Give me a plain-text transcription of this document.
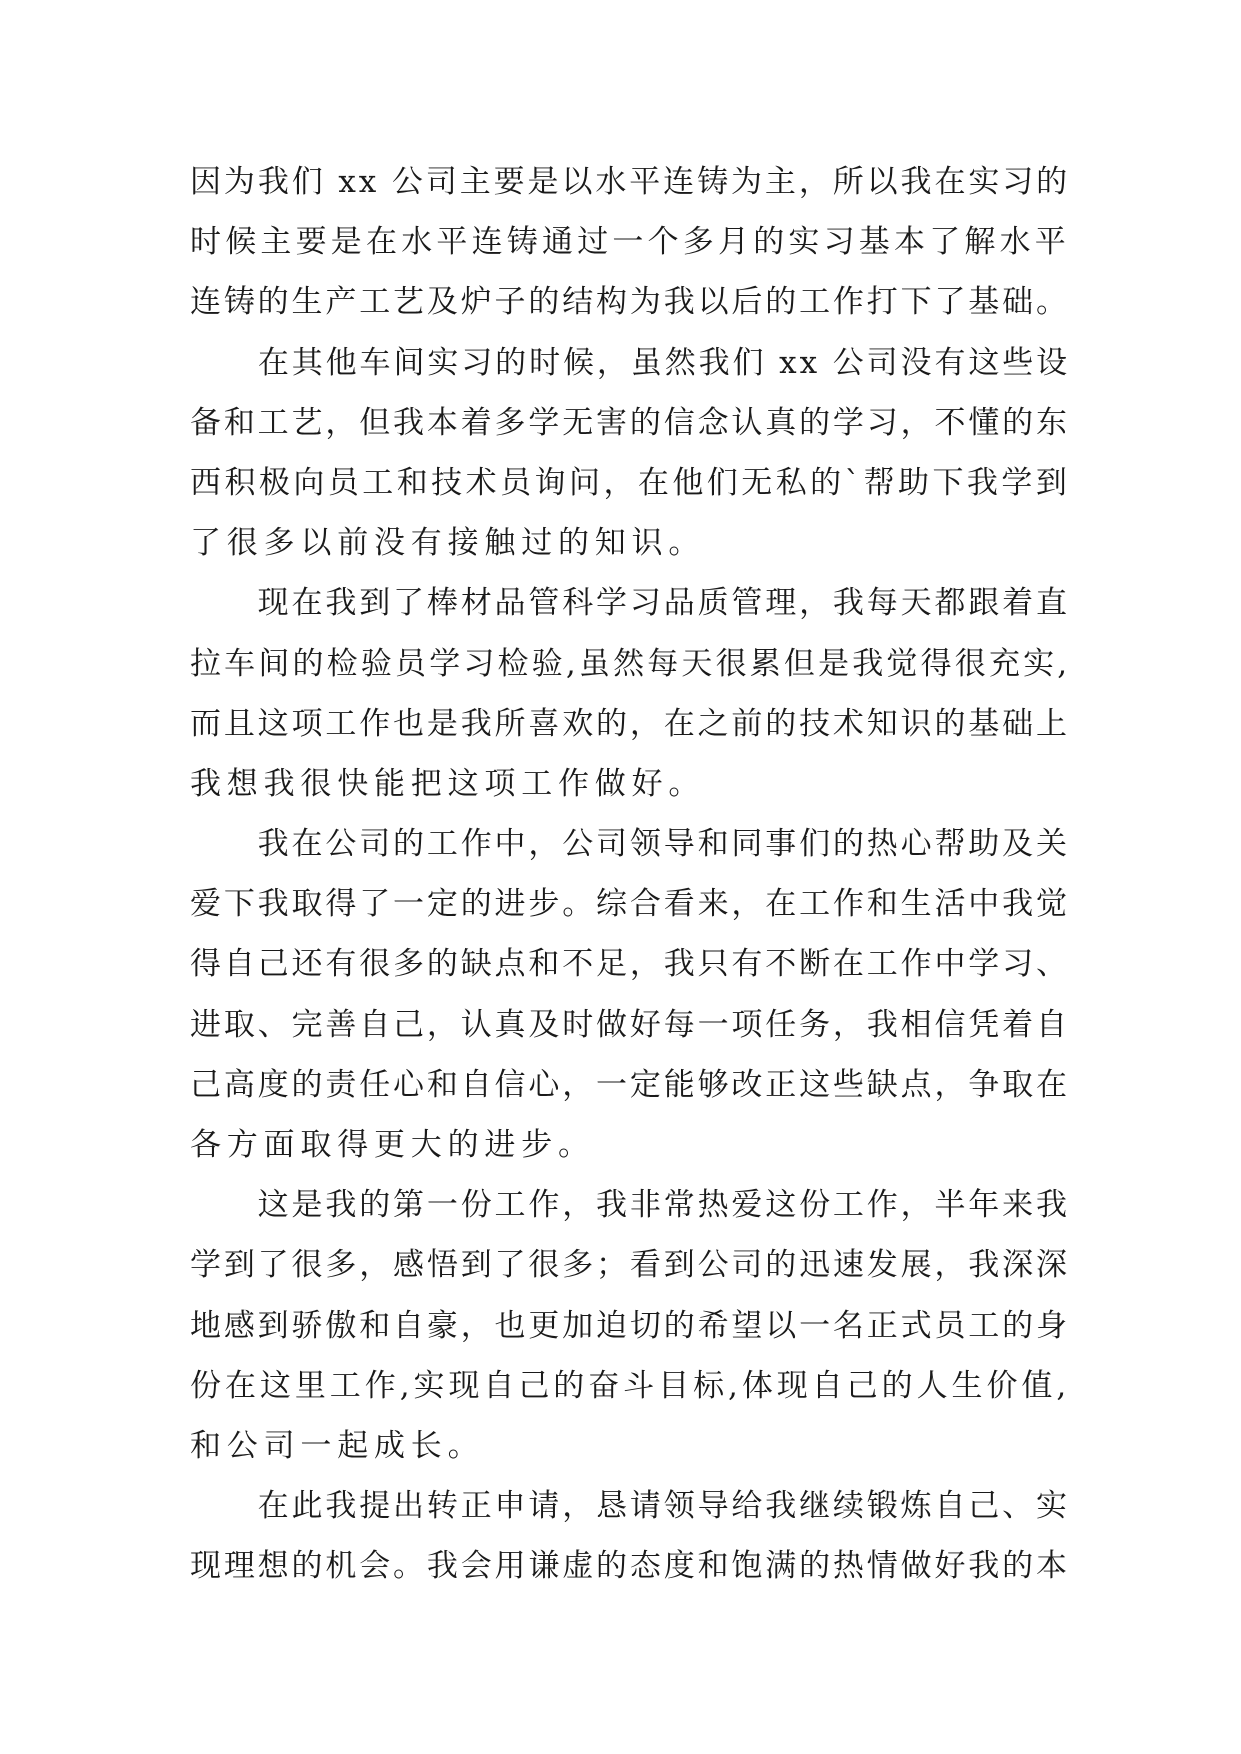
因为我们 xx 公司主要是以水平连铸为主，所以我在实习的
时候主要是在水平连铸通过一个多月的实习基本了解水平
连铸的生产工艺及炉子的结构为我以后的工作打下了基础。
　　在其他车间实习的时候，虽然我们 xx 公司没有这些设
备和工艺，但我本着多学无害的信念认真的学习，不懂的东
西积极向员工和技术员询问，在他们无私的`帮助下我学到
了很多以前没有接触过的知识。
　　现在我到了棒材品管科学习品质管理，我每天都跟着直
拉车间的检验员学习检验,虽然每天很累但是我觉得很充实,
而且这项工作也是我所喜欢的，在之前的技术知识的基础上
我想我很快能把这项工作做好。
　　我在公司的工作中，公司领导和同事们的热心帮助及关
爱下我取得了一定的进步。综合看来，在工作和生活中我觉
得自己还有很多的缺点和不足，我只有不断在工作中学习、
进取、完善自己，认真及时做好每一项任务，我相信凭着自
己高度的责任心和自信心，一定能够改正这些缺点，争取在
各方面取得更大的进步。
　　这是我的第一份工作，我非常热爱这份工作，半年来我
学到了很多，感悟到了很多；看到公司的迅速发展，我深深
地感到骄傲和自豪，也更加迫切的希望以一名正式员工的身
份在这里工作,实现自己的奋斗目标,体现自己的人生价值,
和公司一起成长。
　　在此我提出转正申请，恳请领导给我继续锻炼自己、实
现理想的机会。我会用谦虚的态度和饱满的热情做好我的本
